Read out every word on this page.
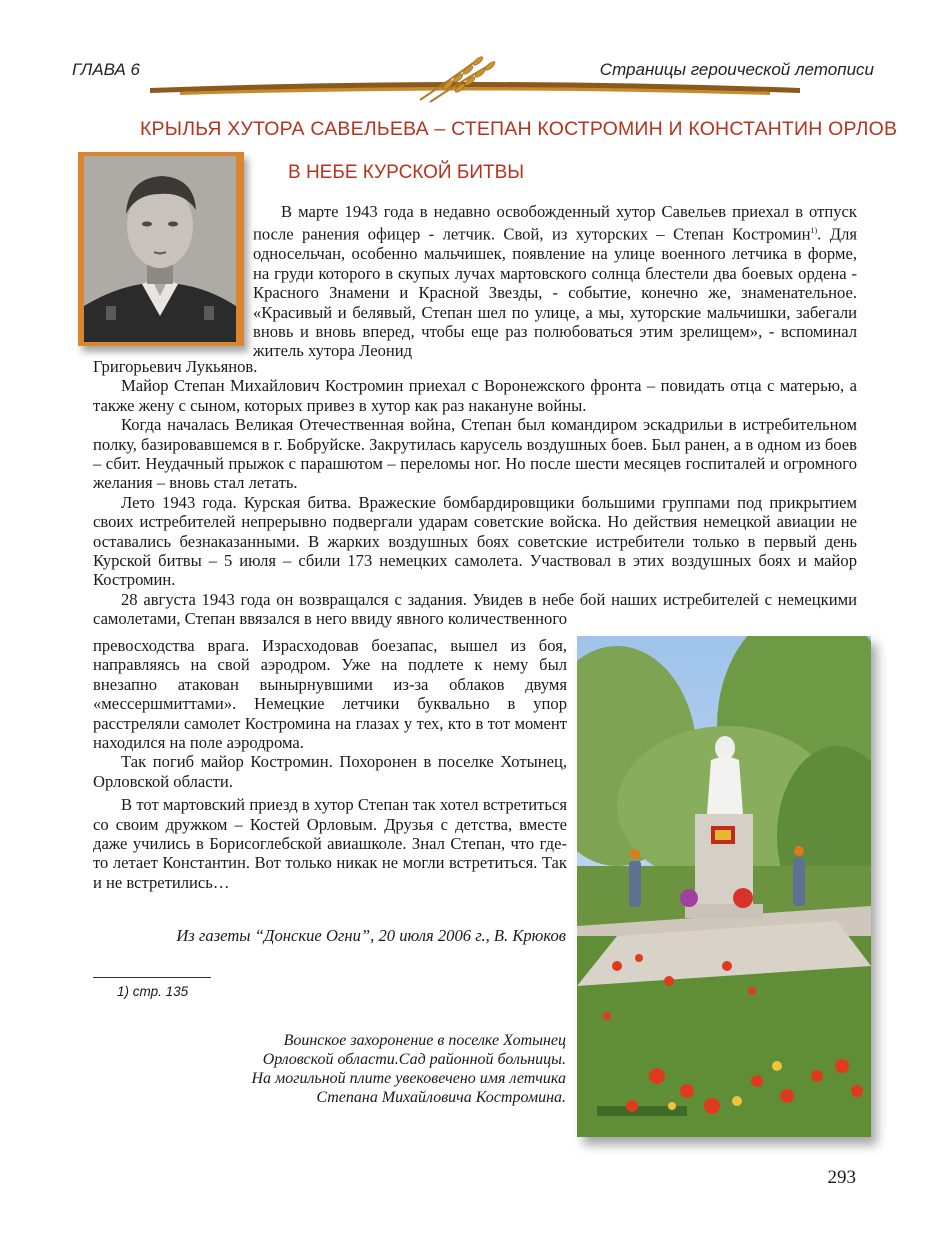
ГЛАВА 6	Страницы героической летописи
КРЫЛЬЯ ХУТОРА САВЕЛЬЕВА – СТЕПАН КОСТРОМИН И КОНСТАНТИН ОРЛОВ
В НЕБЕ КУРСКОЙ БИТВЫ

В марте 1943 года в недавно освобожденный хутор Савельев приехал в отпуск после ранения офицер - летчик. Свой, из хуторских – Степан Костромин$^{1)}$. Для односельчан, особенно мальчишек, появление на улице военного летчика в форме, на груди которого в скупых лучах мартовского солнца блестели два боевых ордена - Красного Знамени и Красной Звезды, - событие, конечно же, знаменательное. «Красивый и белявый, Степан шел по улице, а мы, хуторские мальчишки, забегали вновь и вновь вперед, чтобы еще раз полюбоваться этим зрелищем», - вспоминал житель хутора Леонид

Григорьевич Лукьянов.

Майор Степан Михайлович Костромин приехал с Воронежского фронта – повидать отца с матерью, а также жену с сыном, которых привез в хутор как раз накануне войны.

Когда началась Великая Отечественная война, Степан был командиром эскадрильи в истребительном полку, базировавшемся в г. Бобруйске. Закрутилась карусель воздушных боев. Был ранен, а в одном из боев – сбит. Неудачный прыжок с парашютом – переломы ног. Но после шести месяцев госпиталей и огромного желания – вновь стал летать.

Лето 1943 года. Курская битва. Вражеские бомбардировщики большими группами под прикрытием своих истребителей непрерывно подвергали ударам советские войска. Но действия немецкой авиации не оставались безнаказанными. В жарких воздушных боях советские истребители только в первый день Курской битвы – 5 июля – сбили 173 немецких самолета. Участвовал в этих воздушных боях и майор Костромин.

28 августа 1943 года он возвращался с задания. Увидев в небе бой наших истребителей с немецкими самолетами, Степан ввязался в него ввиду явного количественного

превосходства врага. Израсходовав боезапас, вышел из боя, направляясь на свой аэродром. Уже на подлете к нему был внезапно атакован вынырнувшими из-за облаков двумя «мессершмиттами». Немецкие летчики буквально в упор расстреляли самолет Костромина на глазах у тех, кто в тот момент находился на поле аэродрома.

Так погиб майор Костромин. Похоронен в поселке Хотынец, Орловской области.

В тот мартовский приезд в хутор Степан так хотел встретиться со своим дружком – Костей Орловым. Друзья с детства, вместе даже учились в Борисоглебской авиашколе. Знал Степан, что где-то летает Константин. Вот только никак не могли встретиться. Так и не встретились…

Из газеты “Донские Огни”, 20 июля 2006 г., В. Крюков
1) стр. 135
Воинское захоронение в поселке Хотынец
Орловской области.Сад районной больницы.
На могильной плите увековечено имя летчика
Степана Михайловича Костромина.
293
